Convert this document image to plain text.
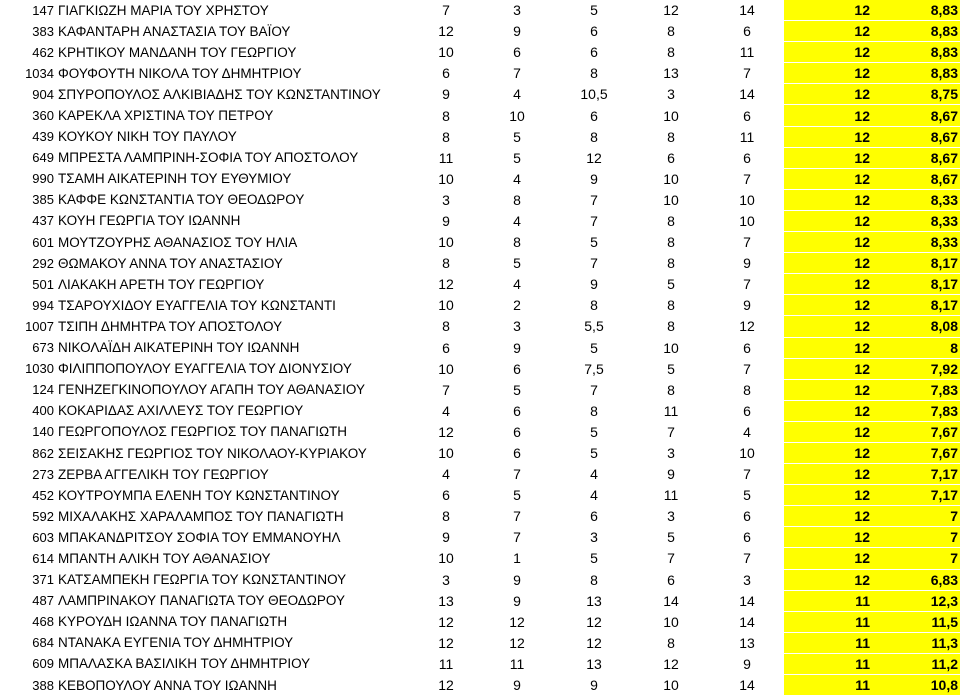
147	ΓΙΑΓΚΙΩΖΗ ΜΑΡΙΑ ΤΟΥ ΧΡΗΣΤΟΥ	7	3	5	12	14	12	8,83
383	ΚΑΦΑΝΤΑΡΗ ΑΝΑΣΤΑΣΙΑ ΤΟΥ ΒΑΪΟΥ	12	9	6	8	6	12	8,83
462	ΚΡΗΤΙΚΟΥ ΜΑΝΔΑΝΗ ΤΟΥ ΓΕΩΡΓΙΟΥ	10	6	6	8	11	12	8,83
1034	ΦΟΥΦΟΥΤΗ ΝΙΚΟΛΑ ΤΟΥ ΔΗΜΗΤΡΙΟΥ	6	7	8	13	7	12	8,83
904	ΣΠΥΡΟΠΟΥΛΟΣ ΑΛΚΙΒΙΑΔΗΣ ΤΟΥ ΚΩΝΣΤΑΝΤΙΝΟΥ	9	4	10,5	3	14	12	8,75
360	ΚΑΡΕΚΛΑ ΧΡΙΣΤΙΝΑ ΤΟΥ ΠΕΤΡΟΥ	8	10	6	10	6	12	8,67
439	ΚΟΥΚΟΥ ΝΙΚΗ ΤΟΥ ΠΑΥΛΟΥ	8	5	8	8	11	12	8,67
649	ΜΠΡΕΣΤΑ ΛΑΜΠΡΙΝΗ-ΣΟΦΙΑ ΤΟΥ ΑΠΟΣΤΟΛΟΥ	11	5	12	6	6	12	8,67
990	ΤΣΑΜΗ ΑΙΚΑΤΕΡΙΝΗ ΤΟΥ ΕΥΘΥΜΙΟΥ	10	4	9	10	7	12	8,67
385	ΚΑΦΦΕ ΚΩΝΣΤΑΝΤΙΑ ΤΟΥ ΘΕΟΔΩΡΟΥ	3	8	7	10	10	12	8,33
437	ΚΟΥΗ ΓΕΩΡΓΙΑ ΤΟΥ ΙΩΑΝΝΗ	9	4	7	8	10	12	8,33
601	ΜΟΥΤΖΟΥΡΗΣ ΑΘΑΝΑΣΙΟΣ ΤΟΥ ΗΛΙΑ	10	8	5	8	7	12	8,33
292	ΘΩΜΑΚΟΥ ΑΝΝΑ ΤΟΥ ΑΝΑΣΤΑΣΙΟΥ	8	5	7	8	9	12	8,17
501	ΛΙΑΚΑΚΗ ΑΡΕΤΗ ΤΟΥ ΓΕΩΡΓΙΟΥ	12	4	9	5	7	12	8,17
994	ΤΣΑΡΟΥΧΙΔΟΥ ΕΥΑΓΓΕΛΙΑ ΤΟΥ ΚΩΝΣΤΑΝΤΙ	10	2	8	8	9	12	8,17
1007	ΤΣΙΠΗ ΔΗΜΗΤΡΑ ΤΟΥ ΑΠΟΣΤΟΛΟΥ	8	3	5,5	8	12	12	8,08
673	ΝΙΚΟΛΑΪΔΗ ΑΙΚΑΤΕΡΙΝΗ ΤΟΥ ΙΩΑΝΝΗ	6	9	5	10	6	12	8
1030	ΦΙΛΙΠΠΟΠΟΥΛΟΥ ΕΥΑΓΓΕΛΙΑ ΤΟΥ ΔΙΟΝΥΣΙΟΥ	10	6	7,5	5	7	12	7,92
124	ΓΕΝΗΖΕΓΚΙΝΟΠΟΥΛΟΥ ΑΓΑΠΗ ΤΟΥ ΑΘΑΝΑΣΙΟΥ	7	5	7	8	8	12	7,83
400	ΚΟΚΑΡΙΔΑΣ ΑΧΙΛΛΕΥΣ ΤΟΥ ΓΕΩΡΓΙΟΥ	4	6	8	11	6	12	7,83
140	ΓΕΩΡΓΟΠΟΥΛΟΣ ΓΕΩΡΓΙΟΣ ΤΟΥ ΠΑΝΑΓΙΩΤΗ	12	6	5	7	4	12	7,67
862	ΣΕΙΣΑΚΗΣ ΓΕΩΡΓΙΟΣ ΤΟΥ ΝΙΚΟΛΑΟΥ-ΚΥΡΙΑΚΟΥ	10	6	5	3	10	12	7,67
273	ΖΕΡΒΑ ΑΓΓΕΛΙΚΗ ΤΟΥ ΓΕΩΡΓΙΟΥ	4	7	4	9	7	12	7,17
452	ΚΟΥΤΡΟΥΜΠΑ ΕΛΕΝΗ ΤΟΥ ΚΩΝΣΤΑΝΤΙΝΟΥ	6	5	4	11	5	12	7,17
592	ΜΙΧΑΛΑΚΗΣ ΧΑΡΑΛΑΜΠΟΣ ΤΟΥ ΠΑΝΑΓΙΩΤΗ	8	7	6	3	6	12	7
603	ΜΠΑΚΑΝΔΡΙΤΣΟΥ ΣΟΦΙΑ ΤΟΥ ΕΜΜΑΝΟΥΗΛ	9	7	3	5	6	12	7
614	ΜΠΑΝΤΗ ΑΛΙΚΗ ΤΟΥ ΑΘΑΝΑΣΙΟΥ	10	1	5	7	7	12	7
371	ΚΑΤΣΑΜΠΕΚΗ ΓΕΩΡΓΙΑ ΤΟΥ ΚΩΝΣΤΑΝΤΙΝΟΥ	3	9	8	6	3	12	6,83
487	ΛΑΜΠΡΙΝΑΚΟΥ ΠΑΝΑΓΙΩΤΑ ΤΟΥ ΘΕΟΔΩΡΟΥ	13	9	13	14	14	11	12,3
468	ΚΥΡΟΥΔΗ ΙΩΑΝΝΑ ΤΟΥ ΠΑΝΑΓΙΩΤΗ	12	12	12	10	14	11	11,5
684	ΝΤΑΝΑΚΑ ΕΥΓΕΝΙΑ ΤΟΥ ΔΗΜΗΤΡΙΟΥ	12	12	12	8	13	11	11,3
609	ΜΠΑΛΑΣΚΑ ΒΑΣΙΛΙΚΗ ΤΟΥ ΔΗΜΗΤΡΙΟΥ	11	11	13	12	9	11	11,2
388	ΚΕΒΟΠΟΥΛΟΥ ΑΝΝΑ ΤΟΥ ΙΩΑΝΝΗ	12	9	9	10	14	11	10,8
